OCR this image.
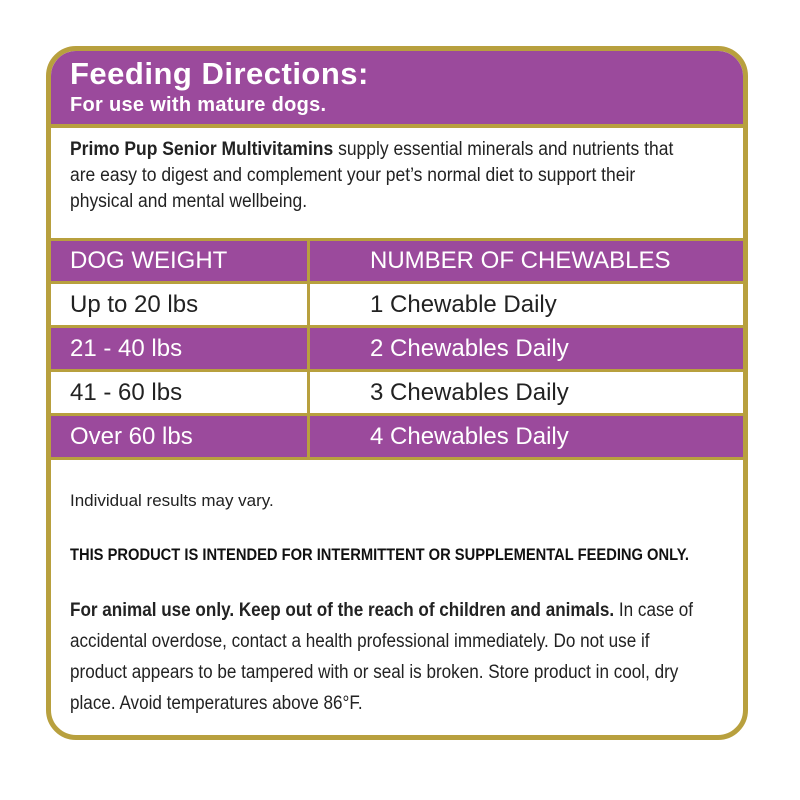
Feeding Directions:
For use with mature dogs.
Primo Pup Senior Multivitamins supply essential minerals and nutrients that are easy to digest and complement your pet’s normal diet to support their physical and mental wellbeing.
DOG WEIGHT	NUMBER OF CHEWABLES
Up to 20 lbs	1 Chewable Daily
21 - 40 lbs	2 Chewables Daily
41 - 60 lbs	3 Chewables Daily
Over 60 lbs	4 Chewables Daily
Individual results may vary.
THIS PRODUCT IS INTENDED FOR INTERMITTENT OR SUPPLEMENTAL FEEDING ONLY.
For animal use only. Keep out of the reach of children and animals. In case of accidental overdose, contact a health professional immediately. Do not use if product appears to be tampered with or seal is broken. Store product in cool, dry place. Avoid temperatures above 86°F.
